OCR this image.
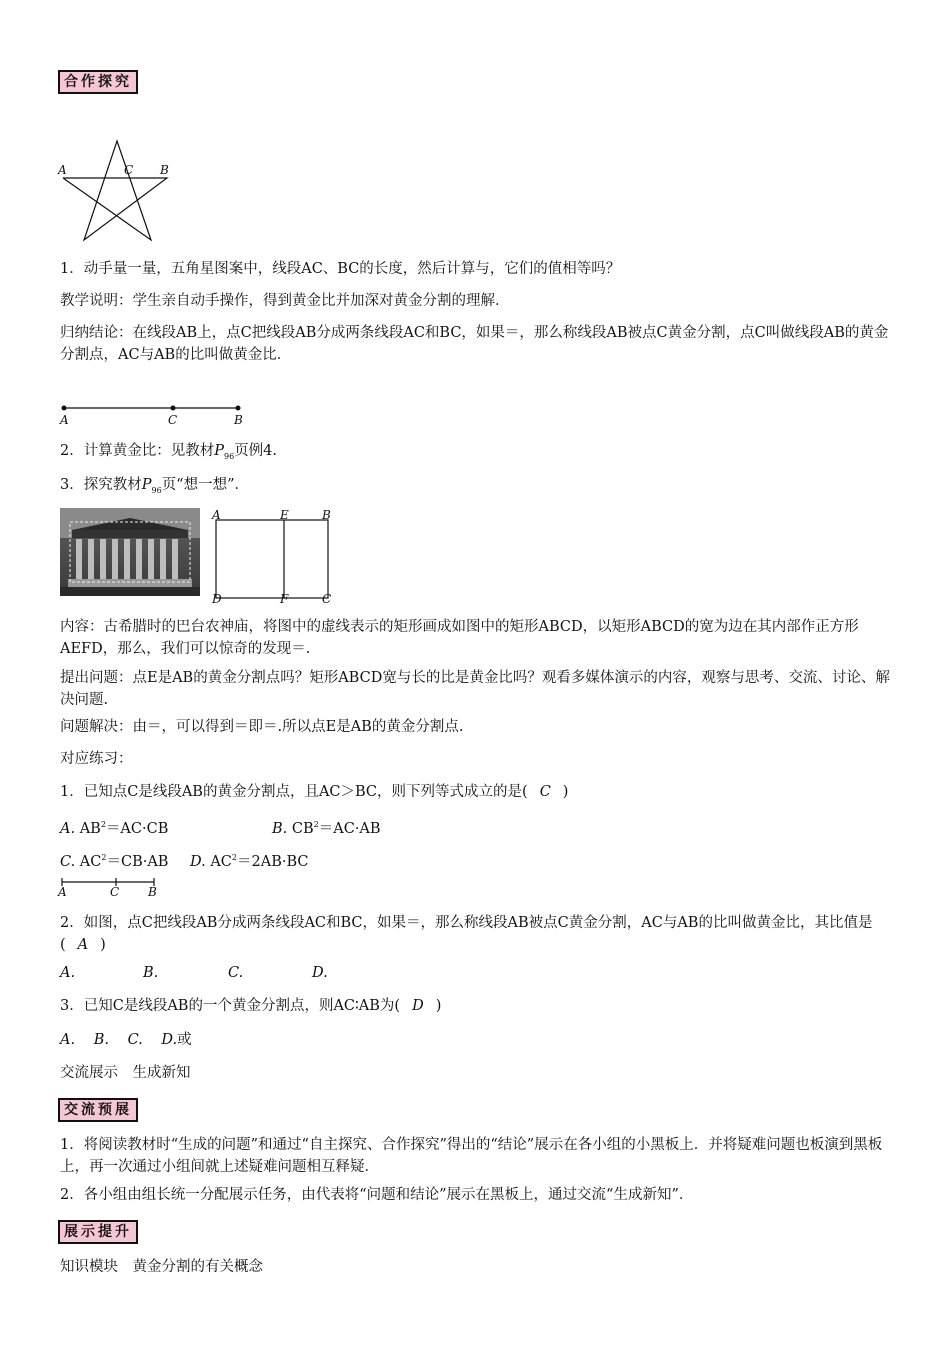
合作探究
A	C B
1．动手量一量，五角星图案中，线段AC、BC的长度，然后计算与，它们的值相等吗？
教学说明：学生亲自动手操作，得到黄金比并加深对黄金分割的理解．
归纳结论：在线段AB上，点C把线段AB分成两条线段AC和BC，如果＝，那么称线段AB被点C黄金分割，点C叫做线段AB的黄金分割点，AC与AB的比叫做黄金比．
A	C	B
2．计算黄金比：见教材$P_{96}$页例4.
3．探究教材$P_{96}$页“想一想”．
A	E	B
D	F	C
内容：古希腊时的巴台农神庙，将图中的虚线表示的矩形画成如图中的矩形ABCD，以矩形ABCD的宽为边在其内部作正方形AEFD，那么，我们可以惊奇的发现＝.
提出问题：点E是AB的黄金分割点吗？矩形ABCD宽与长的比是黄金比吗？观看多媒体演示的内容，观察与思考、交流、讨论、解决问题.
问题解决：由＝，可以得到＝即＝.所以点E是AB的黄金分割点.
对应练习：
1．已知点C是线段AB的黄金分割点，且AC＞BC，则下列等式成立的是( C )
A. $AB^2=AC\cdot CB$	B. $CB^2=AC\cdot AB$
C. $AC^2=CB\cdot AB$ D. $AC^2=2AB\cdot BC$
A	C B
2．如图，点C把线段AB分成两条线段AC和BC，如果＝，那么称线段AB被点C黄金分割，AC与AB的比叫做黄金比，其比值是( A )
A.	B.	C.	D.
3．已知C是线段AB的一个黄金分割点，则AC∶AB为( D )
A. B. C. D.或
交流展示　生成新知
交流预展
1．将阅读教材时“生成的问题”和通过“自主探究、合作探究”得出的“结论”展示在各小组的小黑板上．并将疑难问题也板演到黑板上，再一次通过小组间就上述疑难问题相互释疑．
2．各小组由组长统一分配展示任务，由代表将“问题和结论”展示在黑板上，通过交流“生成新知”．
展示提升
知识模块　黄金分割的有关概念
